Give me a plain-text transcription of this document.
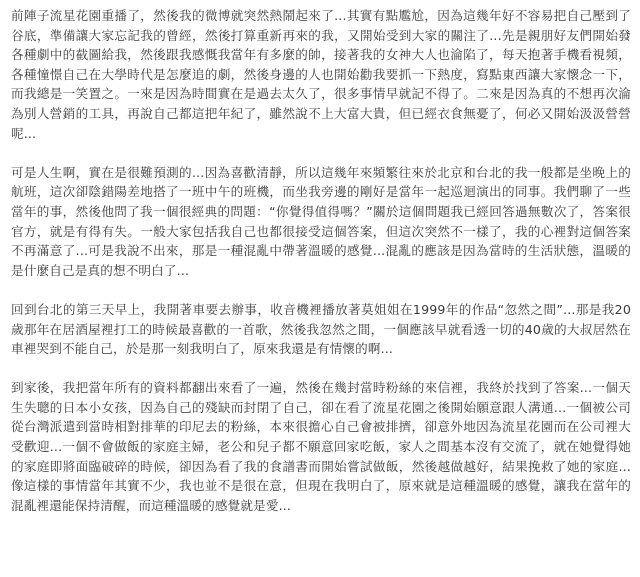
前陣子流星花園重播了，然後我的微博就突然熱鬧起來了...其實有點尷尬，因為這幾年好不容易把自己壓到了谷底，準備讓大家忘記我的曾經，然後打算重新再來的我，又開始受到大家的關注了...先是親朋好友們開始發各種劇中的截圖給我，然後跟我感慨我當年有多麼的帥，接著我的女神大人也淪陷了，每天抱著手機看視頻，各種憧憬自己在大學時代是怎麼追的劇，然後身邊的人也開始勸我要抓一下熱度，寫點東西讓大家懷念一下，而我總是一笑置之。一來是因為時間實在是過去太久了，很多事情早就記不得了。二來是因為真的不想再次淪為別人營銷的工具，再說自己都這把年紀了，雖然說不上大富大貴，但已經衣食無憂了，何必又開始汲汲營營呢...

可是人生啊，實在是很難預測的...因為喜歡清靜，所以這幾年來頻繁往來於北京和台北的我一般都是坐晚上的航班，這次卻陰錯陽差地搭了一班中午的班機，而坐我旁邊的剛好是當年一起巡迴演出的同事。我們聊了一些當年的事，然後他問了我一個很經典的問題：“你覺得值得嗎？”關於這個問題我已經回答過無數次了，答案很官方，就是有得有失。一般大家包括我自己也都很接受這個答案，但這次突然不一樣了，我的心裡對這個答案不再滿意了...可是我說不出來，那是一種混亂中帶著溫暖的感覺...混亂的應該是因為當時的生活狀態，溫暖的是什麼自己是真的想不明白了...

回到台北的第三天早上，我開著車要去辦事，收音機裡播放著莫姐姐在1999年的作品“忽然之間”...那是我20歲那年在居酒屋裡打工的時候最喜歡的一首歌，然後我忽然之間，一個應該早就看透一切的40歲的大叔居然在車裡哭到不能自己，於是那一刻我明白了，原來我還是有情懷的啊...

到家後，我把當年所有的資料都翻出來看了一遍，然後在幾封當時粉絲的來信裡，我終於找到了答案...一個天生失聰的日本小女孩，因為自己的殘缺而封閉了自己，卻在看了流星花園之後開始願意跟人溝通...一個被公司從台灣派遣到當時相對排華的印尼去的粉絲，本來很擔心自己會被排擠，卻意外地因為流星花園而在公司裡大受歡迎...一個不會做飯的家庭主婦，老公和兒子都不願意回家吃飯，家人之間基本沒有交流了，就在她覺得她的家庭即將面臨破碎的時候，卻因為看了我的食譜書而開始嘗試做飯，然後越做越好，結果挽救了她的家庭...像這樣的事情當年其實不少，我也並不是很在意，但現在我明白了，原來就是這種溫暖的感覺，讓我在當年的混亂裡還能保持清醒，而這種溫暖的感覺就是愛...
